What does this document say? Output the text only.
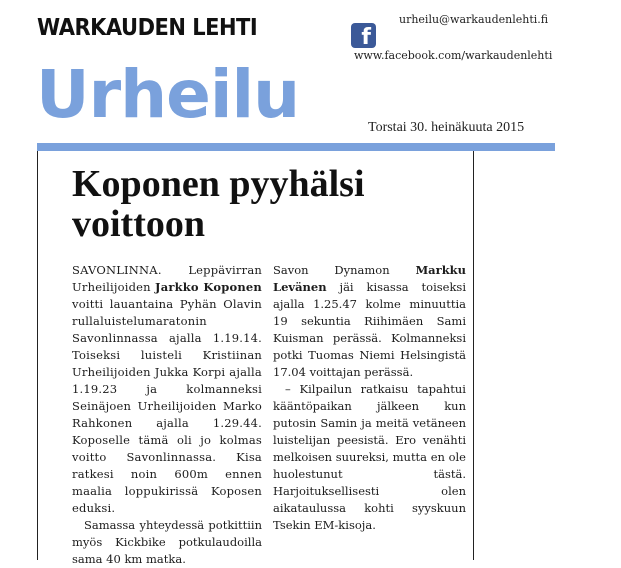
WARKAUDEN LEHTI	f
urheilu@warkaudenlehti.fi
www.facebook.com/warkaudenlehti
Urheilu	Torstai 30. heinäkuuta 2015
Koponen pyyhälsi voittoon

SAVONLINNA. Leppävirran Urheilijoiden Jarkko Koponen voitti lauantaina Pyhän Olavin rullaluistelumaratonin Savonlinnassa ajalla 1.19.14. Toiseksi luisteli Kristiinan Urheilijoiden Jukka Korpi ajalla 1.19.23 ja kolmanneksi Seinäjoen Urheilijoiden Marko Rahkonen ajalla 1.29.44. Koposelle tämä oli jo kolmas voitto Savonlinnassa. Kisa ratkesi noin 600m ennen maalia loppukirissä Koposen eduksi.

Samassa yhteydessä potkittiin myös Kickbike potkulaudoilla sama 40 km matka.

Savon Dynamon Markku Levänen jäi kisassa toiseksi ajalla 1.25.47 kolme minuuttia 19 sekuntia Riihimäen Sami Kuisman perässä. Kolmanneksi potki Tuomas Niemi Helsingistä 17.04 voittajan perässä.

– Kilpailun ratkaisu tapahtui kääntöpaikan jälkeen kun putosin Samin ja meitä vetäneen luistelijan peesistä. Ero venähti melkoisen suureksi, mutta en ole huolestunut tästä. Harjoituksellisesti olen aikataulussa kohti syyskuun Tsekin EM-kisoja.
